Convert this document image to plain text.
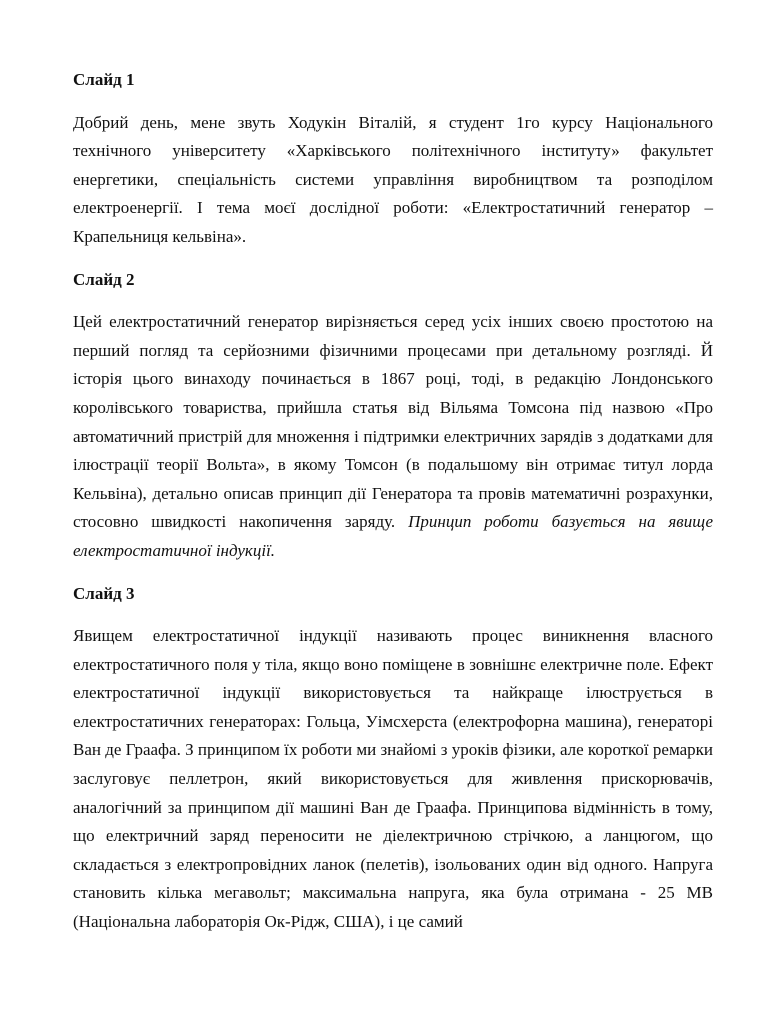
Слайд 1

Добрий день, мене звуть Ходукін Віталій, я студент 1го курсу Національного технічного університету «Харківського політехнічного інституту» факультет енергетики, спеціальність системи управління виробництвом та розподілом електроенергії. І тема моєї дослідної роботи: «Електростатичний генератор – Крапельниця кельвіна».

Слайд 2

Цей електростатичний генератор вирізняється серед усіх інших своєю простотою на перший погляд та серйозними фізичними процесами при детальному розгляді. Й історія цього винаходу починається в 1867 році, тоді, в редакцію Лондонського королівського товариства, прийшла статья від Вільяма Томсона під назвою «Про автоматичний пристрій для множення і підтримки електричних зарядів з додатками для ілюстрації теорії Вольта», в якому Томсон (в подальшому він отримає титул лорда Кельвіна), детально описав принцип дії Генератора та провів математичні розрахунки, стосовно швидкості накопичення заряду. Принцип роботи базується на явище електростатичної індукції.

Слайд 3

Явищем електростатичної індукції називають процес виникнення власного електростатичного поля у тіла, якщо воно поміщене в зовнішнє електричне поле. Ефект електростатичної індукції використовується та найкраще ілюструється в електростатичних генераторах: Гольца, Уімсхерста (електрофорна машина), генераторі Ван де Граафа. З принципом їх роботи ми знайомі з уроків фізики, але короткої ремарки заслуговує пеллетрон, який використовується для живлення прискорювачів, аналогічний за принципом дії машині Ван де Граафа. Принципова відмінність в тому, що електричний заряд переносити не діелектричною стрічкою, а ланцюгом, що складається з електропровідних ланок (пелетів), ізольованих один від одного. Напруга становить кілька мегавольт; максимальна напруга, яка була отримана - 25 МВ (Національна лабораторія Ок-Рідж, США), і це самий
